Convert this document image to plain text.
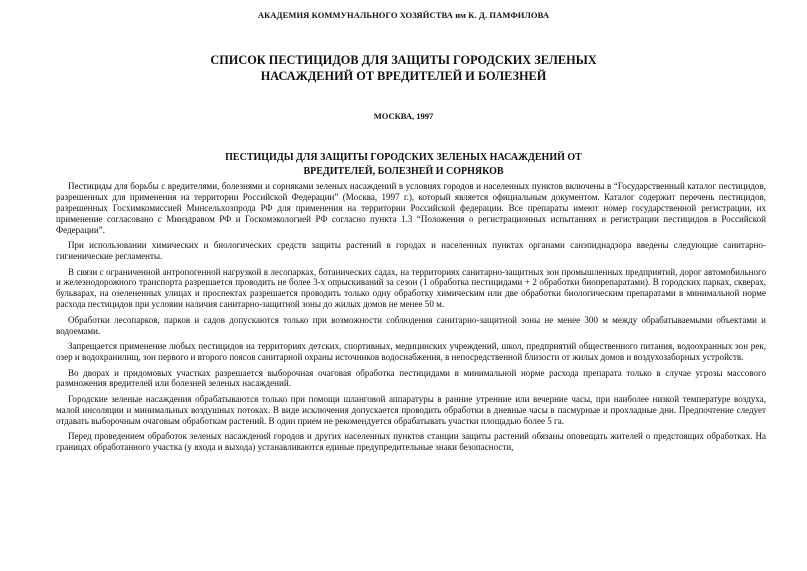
АКАДЕМИЯ КОММУНАЛЬНОГО ХОЗЯЙСТВА им К. Д. ПАМФИЛОВА
СПИСОК ПЕСТИЦИДОВ ДЛЯ ЗАЩИТЫ ГОРОДСКИХ ЗЕЛЕНЫХ
НАСАЖДЕНИЙ ОТ ВРЕДИТЕЛЕЙ И БОЛЕЗНЕЙ
МОСКВА, 1997
ПЕСТИЦИДЫ ДЛЯ ЗАЩИТЫ ГОРОДСКИХ ЗЕЛЕНЫХ НАСАЖДЕНИЙ ОТ
ВРЕДИТЕЛЕЙ, БОЛЕЗНЕЙ И СОРНЯКОВ

Пестициды для борьбы с вредителями, болезнями и сорняками зеленых насаждений в условиях городов и населенных пунктов включены в “Государственный каталог пестицидов, разрешенных для применения на территории Российской Федерации” (Москва, 1997 г.), который является официальным документом. Каталог содержит перечень пестицидов, разрешенных Госхимкомиссией Минсельхозпрода РФ для применения на территории Российской федерации. Все препараты имеют номер государственной регистрации, их применение согласовано с Минздравом РФ и Госкомэкологией РФ согласно пункта 1.3 “Положения о регистрационных испытаниях и регистрации пестицидов в Российской Федерации”.

При использовании химических и биологических средств защиты растений в городах и населенных пунктах органами санэпиднадзора введены следующие санитарно-гигиенические регламенты.

В связи с ограниченной антропогенной нагрузкой в лесопарках, ботанических садах, на территориях санитарно-защитных зон промышленных предприятий, дорог автомобильного и железнодорожного транспорта разрешается проводить не более 3-х опрыскиваний за сезон (1 обработка пестицидами + 2 обработки биопрепаратами). В городских парках, скверах, бульварах, на озелененных улицах и проспектах разрешается проводить только одну обработку химическим или две обработки биологическим препаратами в минимальной норме расхода пестицидов при условии наличия санитарно-защитной зоны до жилых домов не менее 50 м.

Обработки лесопарков, парков и садов допускаются только при возможности соблюдения санитарно-защитной зоны не менее 300 м между обрабатываемыми объектами и водоемами.

Запрещается применение любых пестицидов на территориях детских, спортивных, медицинских учреждений, школ, предприятий общественного питания, водоохранных зон рек, озер и водохранилищ, зон первого и второго поясов санитарной охраны источников водоснабжения, в непосредственной близости от жилых домов и воздухозаборных устройств.

Во дворах и придомовых участках разрешается выборочная очаговая обработка пестицидами в минимальной норме расхода препарата только в случае угрозы массового размножения вредителей или болезней зеленых насаждений.

Городские зеленые насаждения обрабатываются только при помощи шланговой аппаратуры в ранние утренние или вечерние часы, при наиболее низкой температуре воздуха, малой инсоляции и минимальных воздушных потоках. В виде исключения допускается проводить обработки в дневные часы в пасмурные и прохладные дни. Предпочтение следует отдавать выборочным очаговым обработкам растений. В один прием не рекомендуется обрабатывать участки площадью более 5 га.

Перед проведением обработок зеленых насаждений городов и других населенных пунктов станции защиты растений обязаны оповещать жителей о предстоящих обработках. На границах обработанного участка (у входа и выхода) устанавливаются единые предупредительные знаки безопасности,
